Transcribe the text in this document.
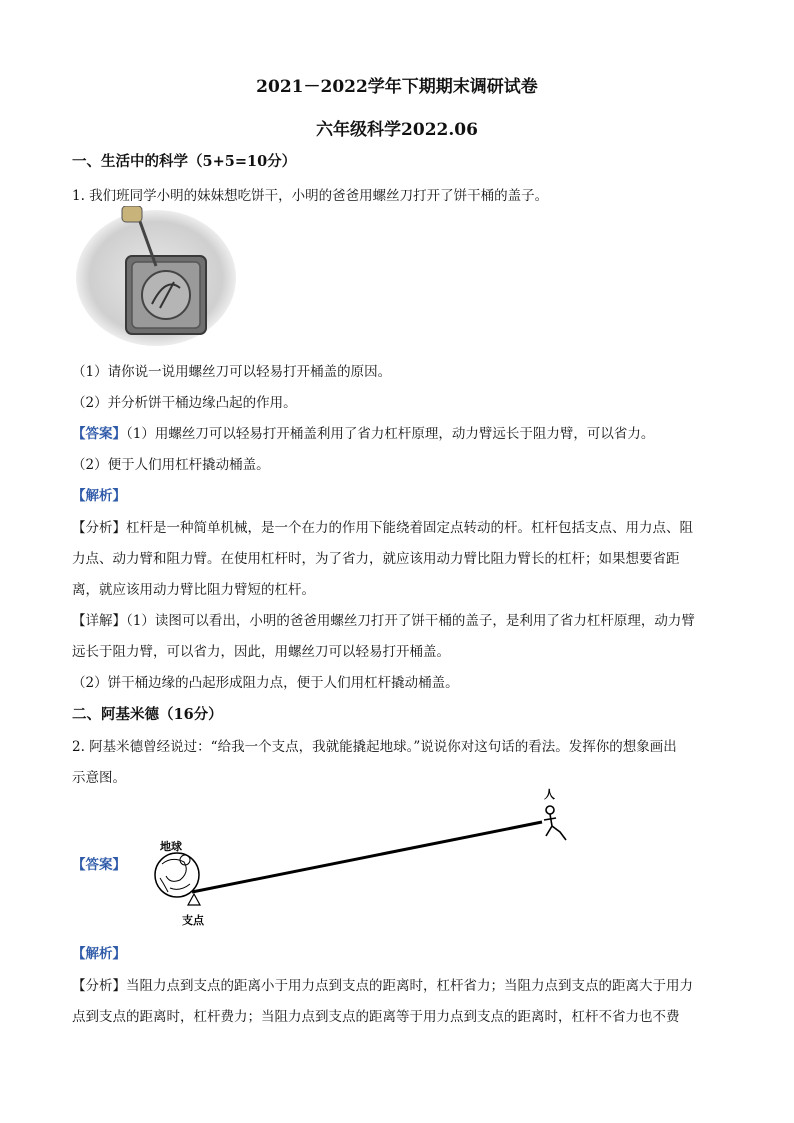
2021－2022学年下期期末调研试卷
六年级科学2022.06
一、生活中的科学（5+5=10分）
1. 我们班同学小明的妹妹想吃饼干，小明的爸爸用螺丝刀打开了饼干桶的盖子。
（1）请你说一说用螺丝刀可以轻易打开桶盖的原因。
（2）并分析饼干桶边缘凸起的作用。
【答案】（1）用螺丝刀可以轻易打开桶盖利用了省力杠杆原理，动力臂远长于阻力臂，可以省力。
（2）便于人们用杠杆撬动桶盖。
【解析】
【分析】杠杆是一种简单机械，是一个在力的作用下能绕着固定点转动的杆。杠杆包括支点、用力点、阻
力点、动力臂和阻力臂。在使用杠杆时，为了省力，就应该用动力臂比阻力臂长的杠杆；如果想要省距
离，就应该用动力臂比阻力臂短的杠杆。
【详解】（1）读图可以看出，小明的爸爸用螺丝刀打开了饼干桶的盖子，是利用了省力杠杆原理，动力臂
远长于阻力臂，可以省力，因此，用螺丝刀可以轻易打开桶盖。
（2）饼干桶边缘的凸起形成阻力点，便于人们用杠杆撬动桶盖。
二、阿基米德（16分）
2. 阿基米德曾经说过：“给我一个支点，我就能撬起地球。”说说你对这句话的看法。发挥你的想象画出
示意图。
【答案】
地球
支点
人
【解析】
【分析】当阻力点到支点的距离小于用力点到支点的距离时，杠杆省力；当阻力点到支点的距离大于用力
点到支点的距离时，杠杆费力；当阻力点到支点的距离等于用力点到支点的距离时，杠杆不省力也不费
